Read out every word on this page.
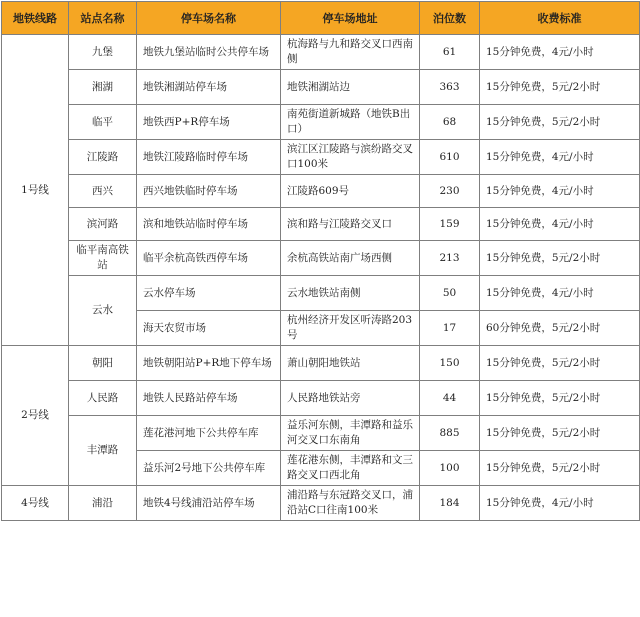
地铁线路	站点名称	停车场名称	停车场地址	泊位数	收费标准
1号线	九堡	地铁九堡站临时公共停车场	杭海路与九和路交叉口西南侧	61	15分钟免费，4元/小时
	湘湖	地铁湘湖站停车场	地铁湘湖站边	363	15分钟免费，5元/2小时
	临平	地铁西P+R停车场	南苑街道新城路（地铁B出口）	68	15分钟免费，5元/2小时
	江陵路	地铁江陵路临时停车场	滨江区江陵路与滨纷路交叉口100米	610	15分钟免费，4元/小时
	西兴	西兴地铁临时停车场	江陵路609号	230	15分钟免费，4元/小时
	滨河路	滨和地铁站临时停车场	滨和路与江陵路交叉口	159	15分钟免费，4元/小时
	临平南高铁站	临平余杭高铁西停车场	余杭高铁站南广场西侧	213	15分钟免费，5元/2小时
	云水	云水停车场	云水地铁站南侧	50	15分钟免费，4元/小时
		海天农贸市场	杭州经济开发区听涛路203号	17	60分钟免费，5元/2小时
2号线	朝阳	地铁朝阳站P+R地下停车场	萧山朝阳地铁站	150	15分钟免费，5元/2小时
	人民路	地铁人民路站停车场	人民路地铁站旁	44	15分钟免费，5元/2小时
	丰潭路	莲花港河地下公共停车库	益乐河东侧，丰潭路和益乐河交叉口东南角	885	15分钟免费，5元/2小时
		益乐河2号地下公共停车库	莲花港东侧，丰潭路和文三路交叉口西北角	100	15分钟免费，5元/2小时
4号线	浦沿	地铁4号线浦沿站停车场	浦沿路与东冠路交叉口，浦沿站C口往南100米	184	15分钟免费，4元/小时
